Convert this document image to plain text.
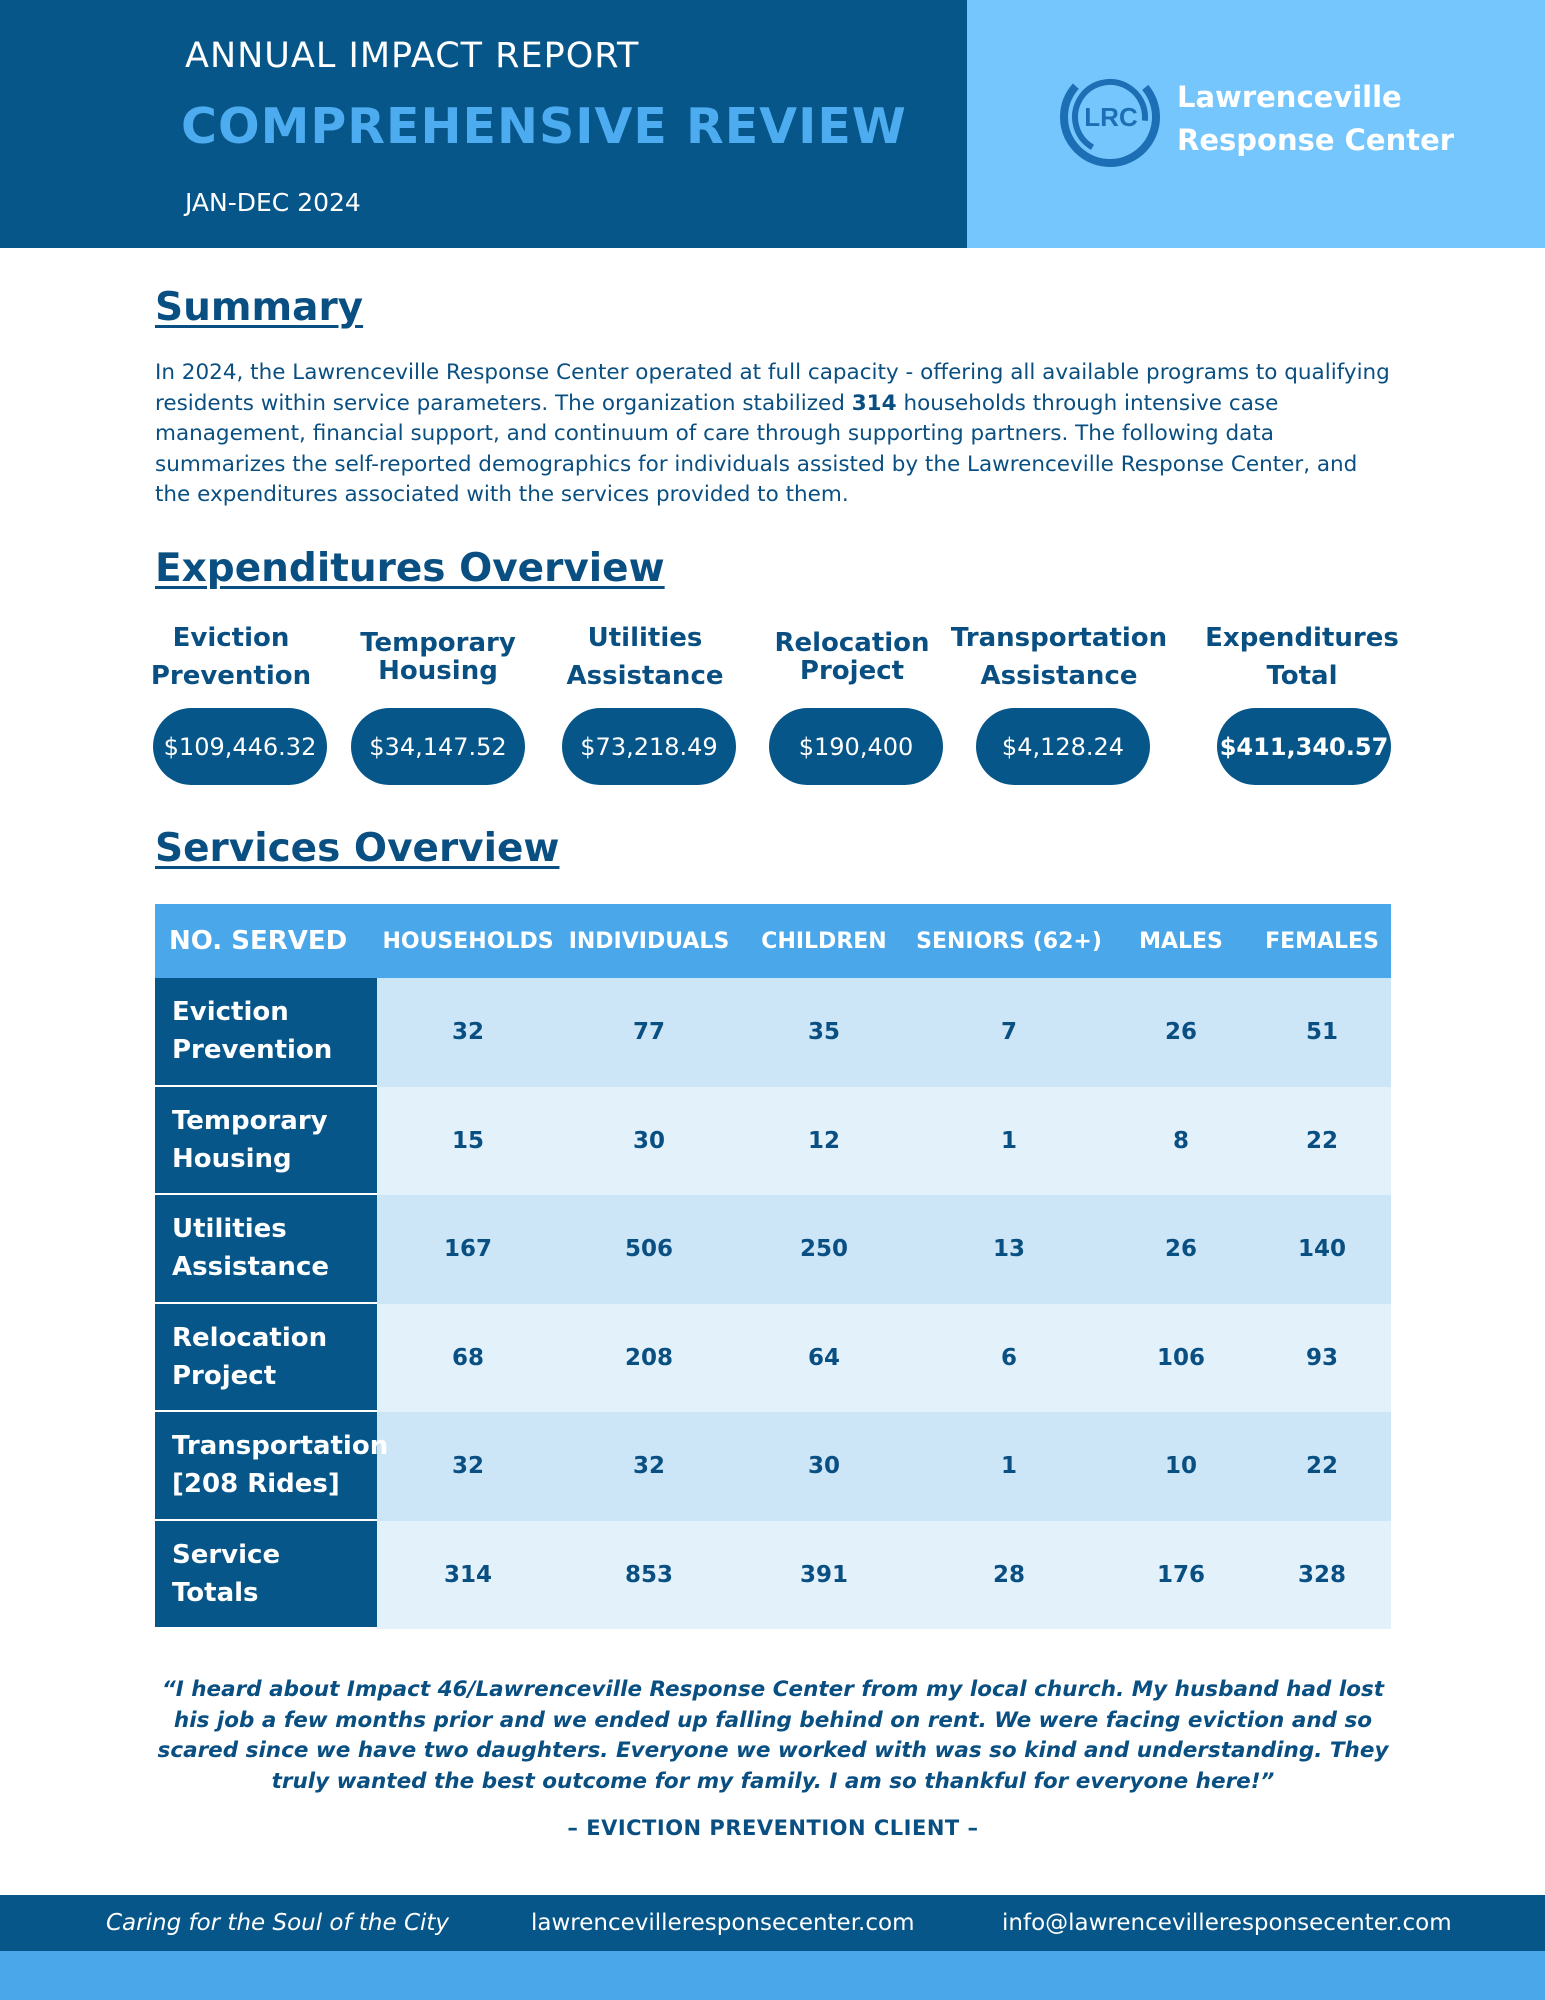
ANNUAL IMPACT REPORT
COMPREHENSIVE REVIEW
JAN-DEC 2024
LRC
Lawrenceville
Response Center
Summary
In 2024, the Lawrenceville Response Center operated at full capacity - offering all available programs to qualifying residents within service parameters. The organization stabilized 314 households through intensive case management, financial support, and continuum of care through supporting partners. The following data summarizes the self-reported demographics for individuals assisted by the Lawrenceville Response Center, and the expenditures associated with the services provided to them.
Expenditures Overview
Eviction
Prevention
Temporary
Housing
Utilities
Assistance
Relocation
Project
Transportation
Assistance
Expenditures
Total
$109,446.32	$34,147.52	$73,218.49	$190,400	$4,128.24	$411,340.57
Services Overview
NO. SERVED	HOUSEHOLDS INDIVIDUALS	CHILDREN	SENIORS (62+)	MALES	FEMALES
Eviction
Prevention
32	77	35	7	26	51
Temporary
Housing
15	30	12	1	8	22
Utilities
Assistance
167	506	250	13	26	140
Relocation
Project
68	208	64	6	106	93
Transportation
[208 Rides]
32	32	30	1	10	22
Service
Totals
314	853	391	28	176	328
“I heard about Impact 46/Lawrenceville Response Center from my local church. My husband had lost his job a few months prior and we ended up falling behind on rent. We were facing eviction and so scared since we have two daughters. Everyone we worked with was so kind and understanding. They truly wanted the best outcome for my family. I am so thankful for everyone here!”
– EVICTION PREVENTION CLIENT –
Caring for the Soul of the City	lawrencevilleresponsecenter.com	info@lawrencevilleresponsecenter.com
